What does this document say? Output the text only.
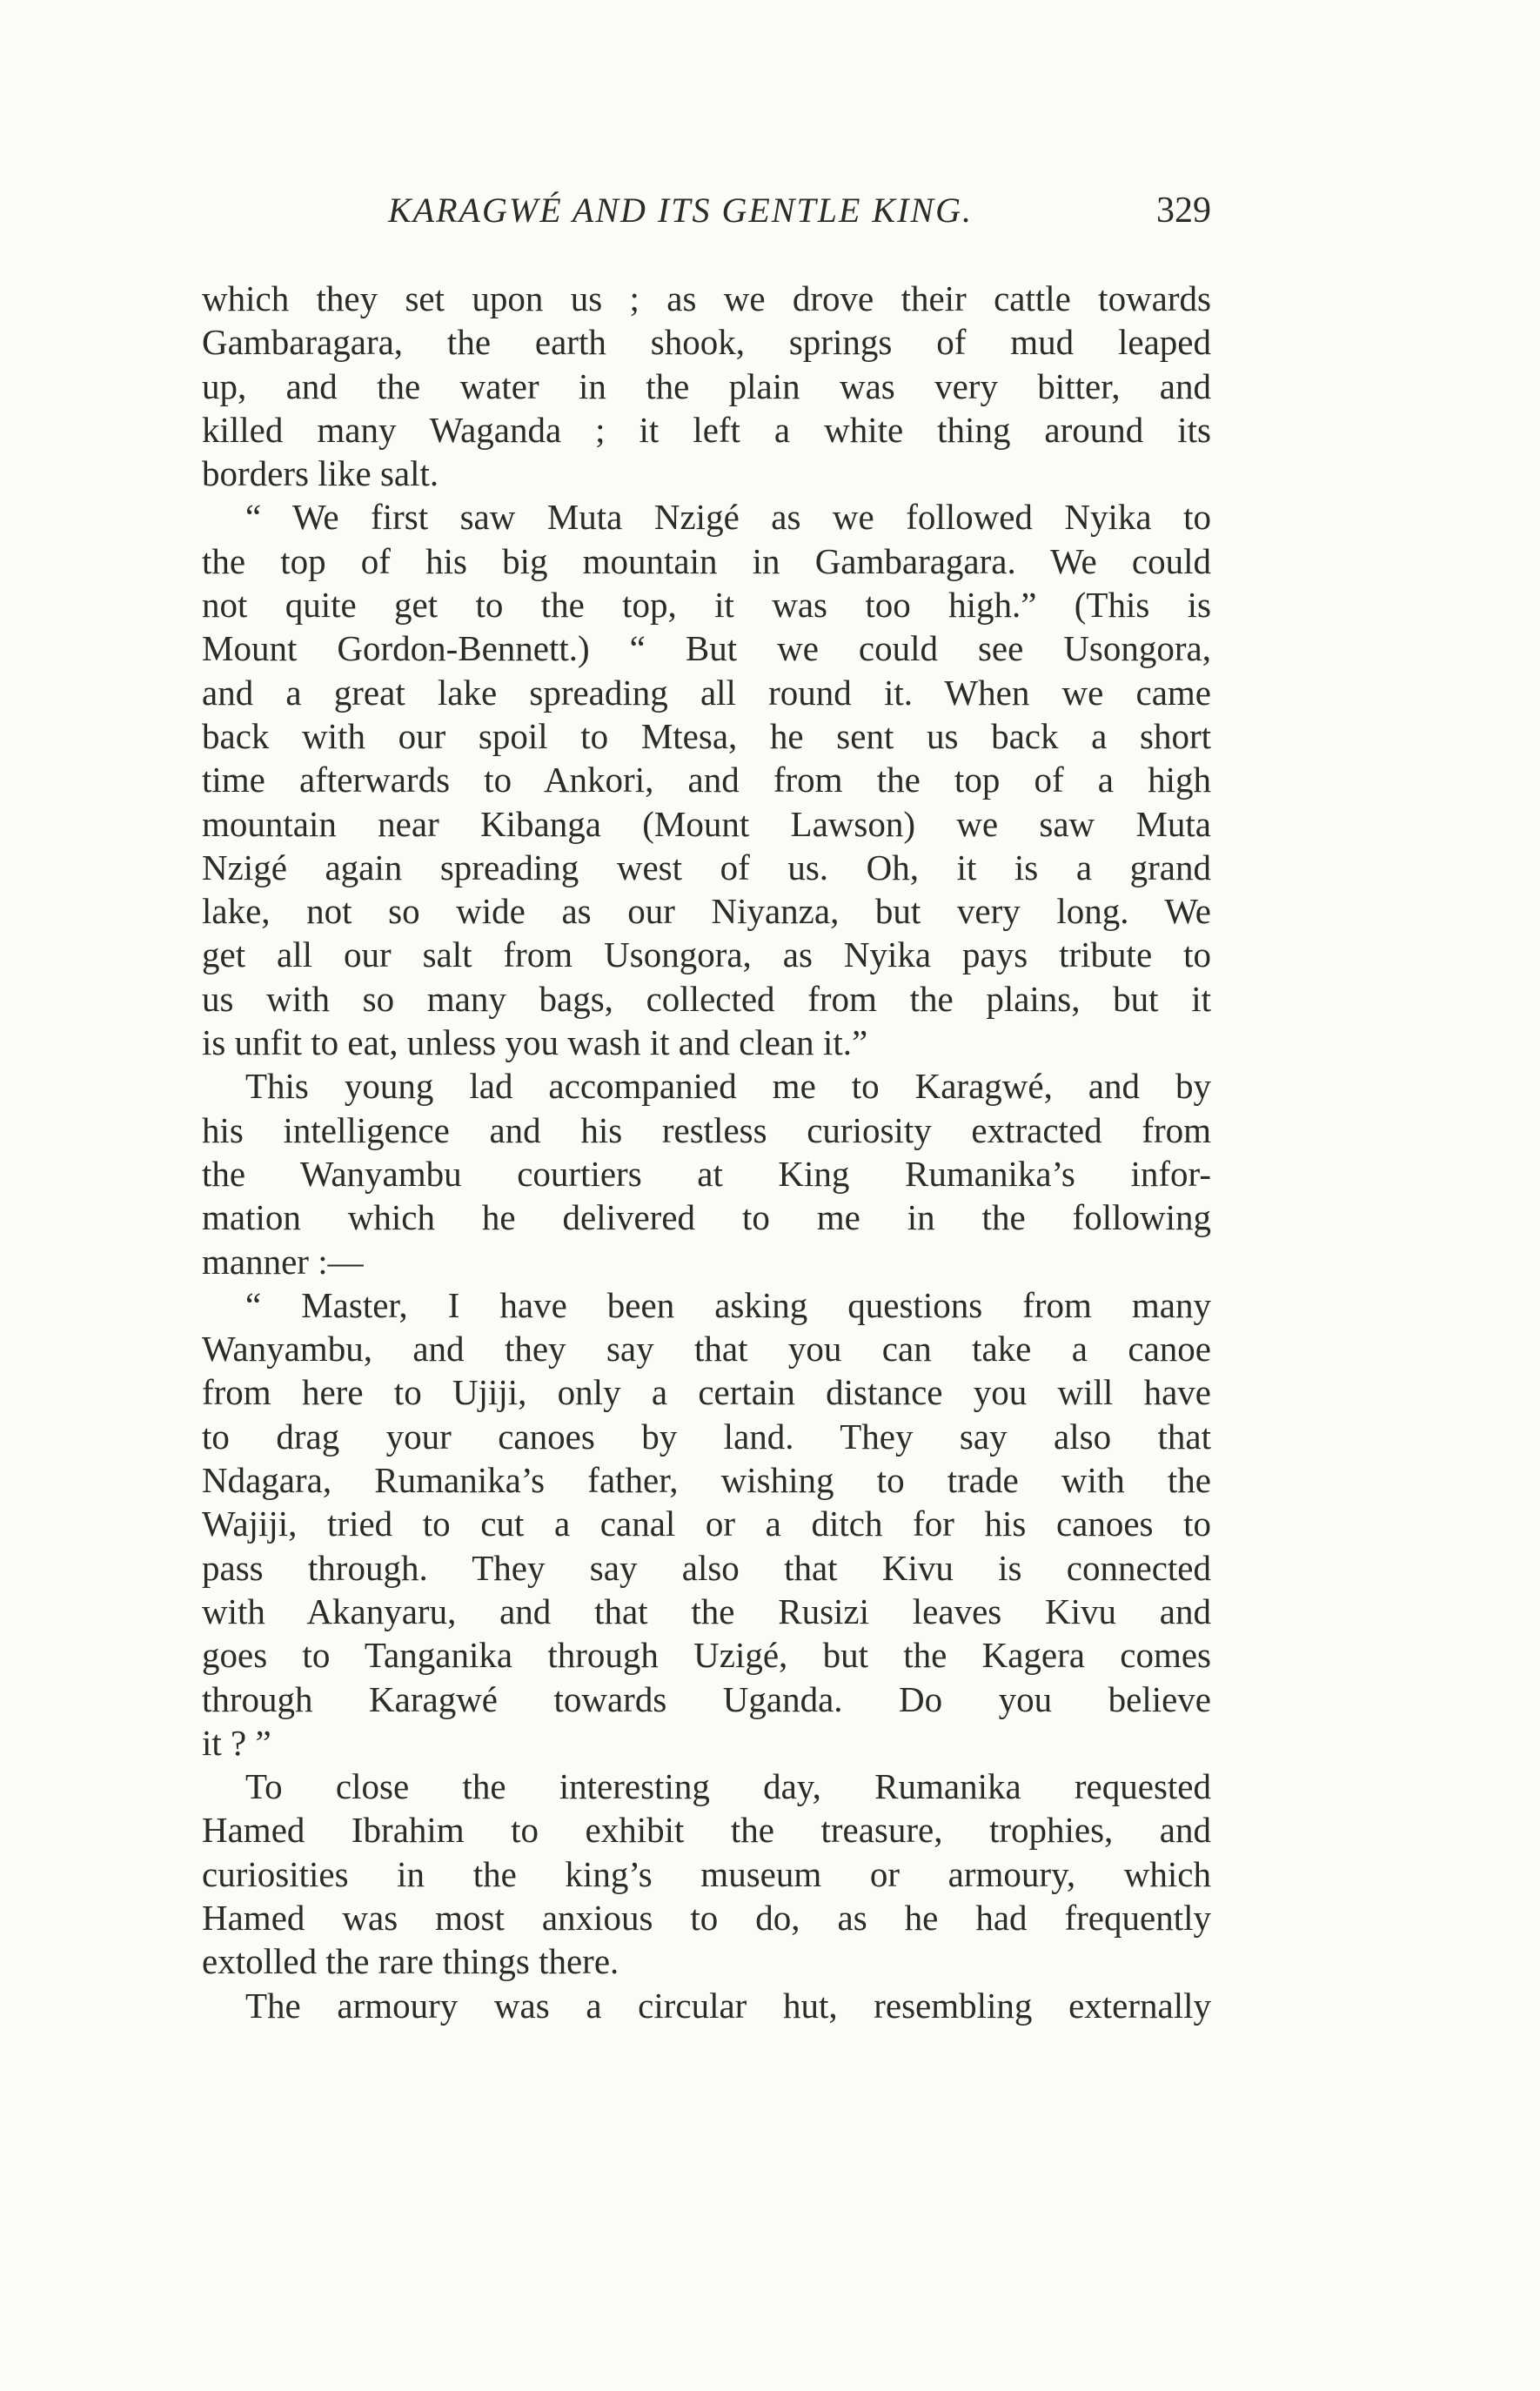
KARAGWÉ AND ITS GENTLE KING.	329
which they set upon us ; as we drove their cattle towards
Gambaragara, the earth shook, springs of mud leaped
up, and the water in the plain was very bitter, and
killed many Waganda ; it left a white thing around its
borders like salt.
“ We first saw Muta Nzigé as we followed Nyika to
the top of his big mountain in Gambaragara. We could
not quite get to the top, it was too high.” (This is
Mount Gordon-Bennett.) “ But we could see Usongora,
and a great lake spreading all round it. When we came
back with our spoil to Mtesa, he sent us back a short
time afterwards to Ankori, and from the top of a high
mountain near Kibanga (Mount Lawson) we saw Muta
Nzigé again spreading west of us. Oh, it is a grand
lake, not so wide as our Niyanza, but very long. We
get all our salt from Usongora, as Nyika pays tribute to
us with so many bags, collected from the plains, but it
is unfit to eat, unless you wash it and clean it.”
This young lad accompanied me to Karagwé, and by
his intelligence and his restless curiosity extracted from
the Wanyambu courtiers at King Rumanika’s infor-
mation which he delivered to me in the following
manner :—
“ Master, I have been asking questions from many
Wanyambu, and they say that you can take a canoe
from here to Ujiji, only a certain distance you will have
to drag your canoes by land. They say also that
Ndagara, Rumanika’s father, wishing to trade with the
Wajiji, tried to cut a canal or a ditch for his canoes to
pass through. They say also that Kivu is connected
with Akanyaru, and that the Rusizi leaves Kivu and
goes to Tanganika through Uzigé, but the Kagera comes
through Karagwé towards Uganda. Do you believe
it ? ”
To close the interesting day, Rumanika requested
Hamed Ibrahim to exhibit the treasure, trophies, and
curiosities in the king’s museum or armoury, which
Hamed was most anxious to do, as he had frequently
extolled the rare things there.
The armoury was a circular hut, resembling externally
